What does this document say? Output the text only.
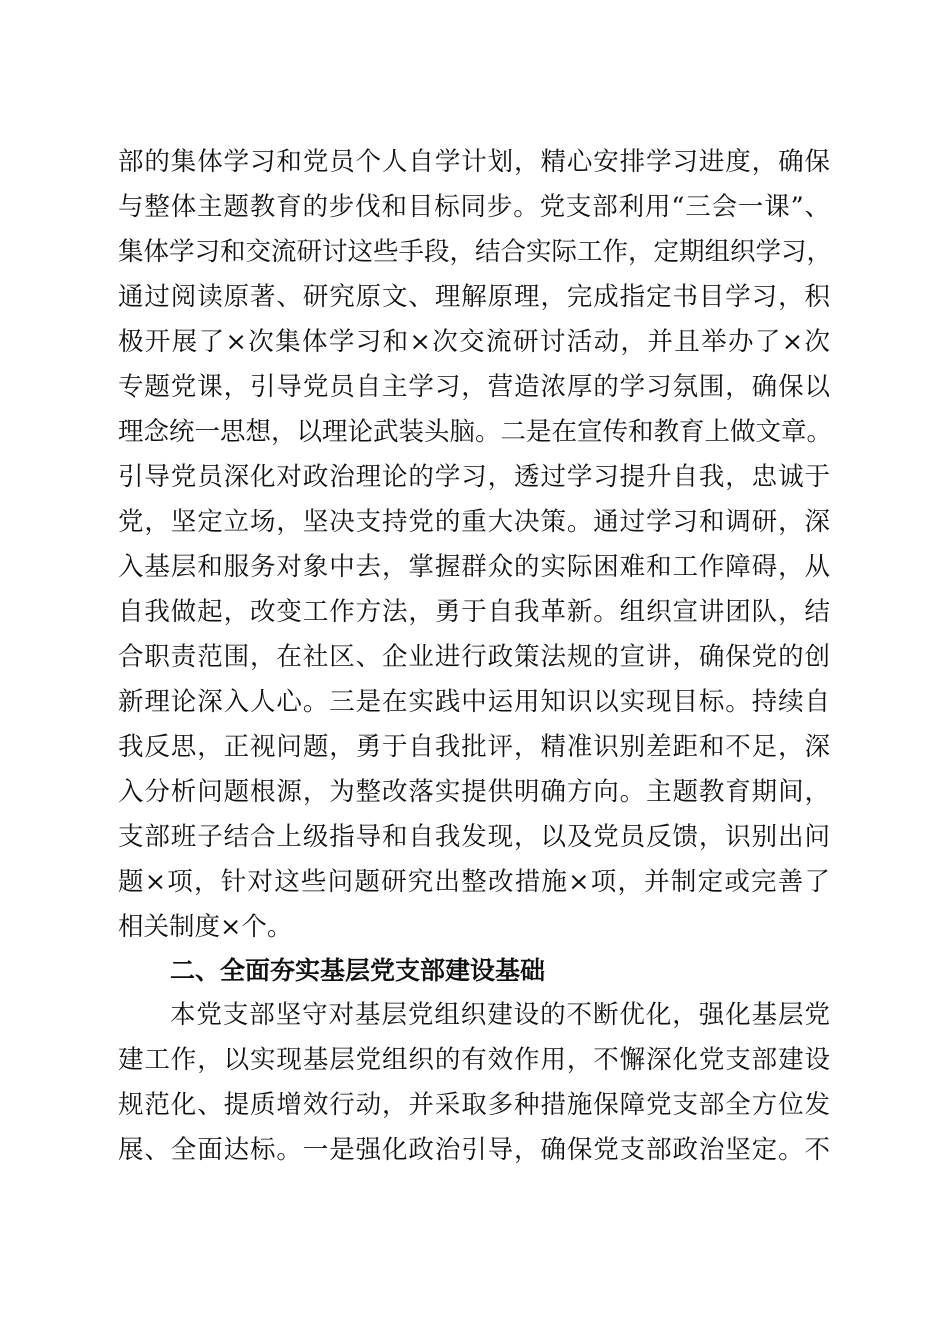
部的集体学习和党员个人自学计划，精心安排学习进度，确保
与整体主题教育的步伐和目标同步。党支部利用“三会一课”、
集体学习和交流研讨这些手段，结合实际工作，定期组织学习，
通过阅读原著、研究原文、理解原理，完成指定书目学习，积
极开展了×次集体学习和×次交流研讨活动，并且举办了×次
专题党课，引导党员自主学习，营造浓厚的学习氛围，确保以
理念统一思想，以理论武装头脑。二是在宣传和教育上做文章。
引导党员深化对政治理论的学习，透过学习提升自我，忠诚于
党，坚定立场，坚决支持党的重大决策。通过学习和调研，深
入基层和服务对象中去，掌握群众的实际困难和工作障碍，从
自我做起，改变工作方法，勇于自我革新。组织宣讲团队，结
合职责范围，在社区、企业进行政策法规的宣讲，确保党的创
新理论深入人心。三是在实践中运用知识以实现目标。持续自
我反思，正视问题，勇于自我批评，精准识别差距和不足，深
入分析问题根源，为整改落实提供明确方向。主题教育期间，
支部班子结合上级指导和自我发现，以及党员反馈，识别出问
题×项，针对这些问题研究出整改措施×项，并制定或完善了
相关制度×个。
二、全面夯实基层党支部建设基础
本党支部坚守对基层党组织建设的不断优化，强化基层党
建工作，以实现基层党组织的有效作用，不懈深化党支部建设
规范化、提质增效行动，并采取多种措施保障党支部全方位发
展、全面达标。一是强化政治引导，确保党支部政治坚定。不
